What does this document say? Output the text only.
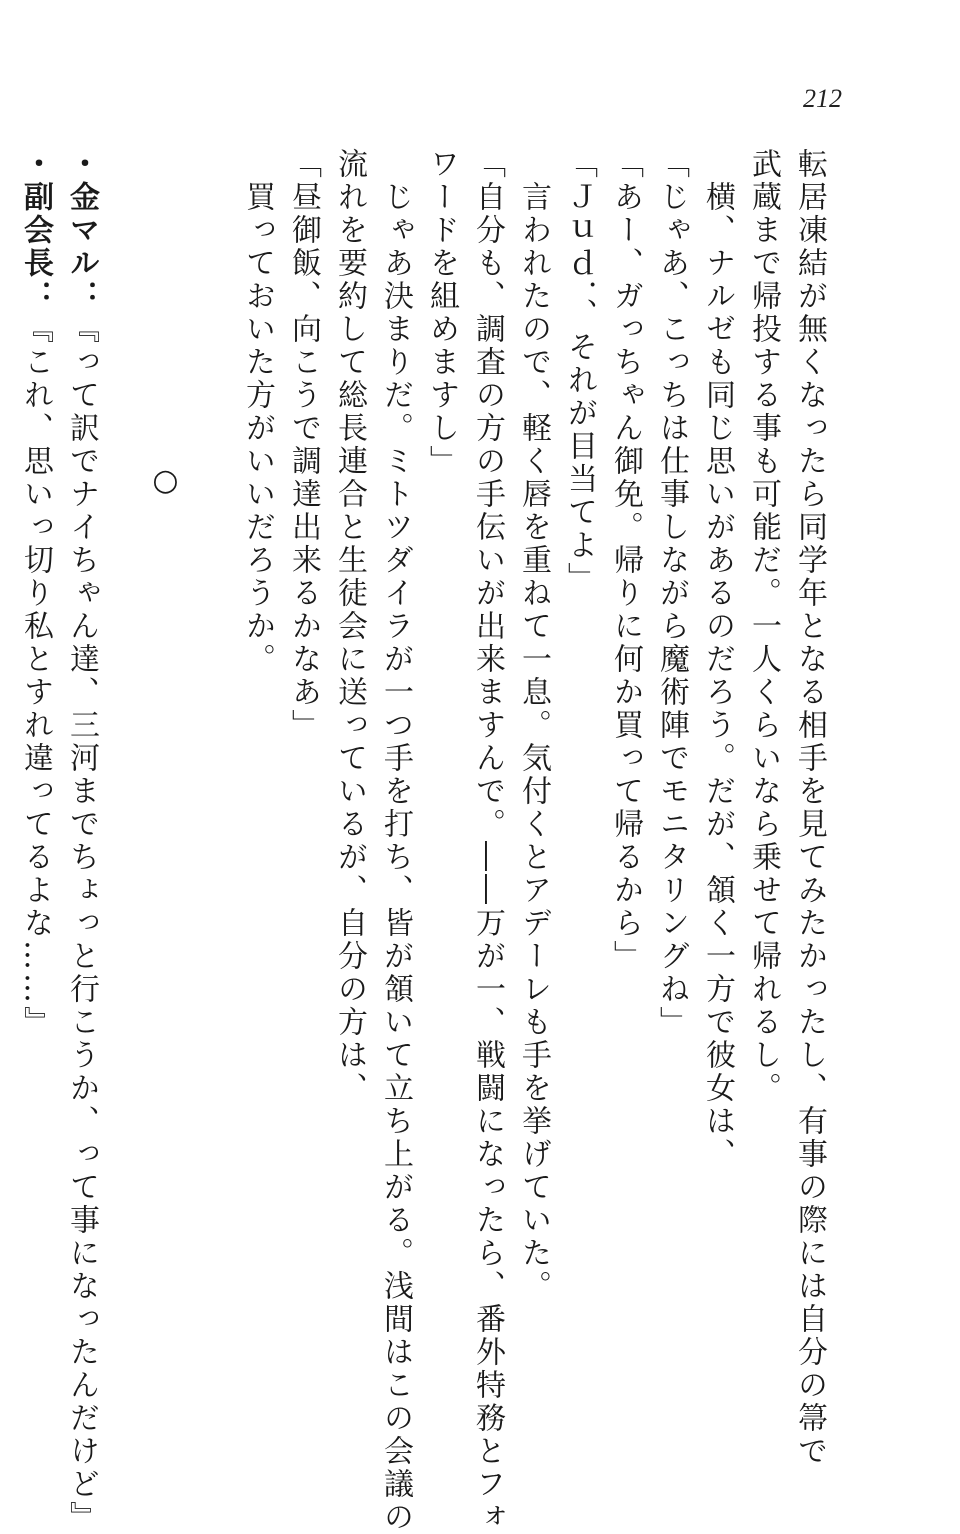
212
転居凍結が無くなったら同学年となる相手を見てみたかったし、有事の際には自分の箒で
武蔵まで帰投する事も可能だ。一人くらいなら乗せて帰れるし。
　横、ナルゼも同じ思いがあるのだろう。だが、頷く一方で彼女は、
「じゃあ、こっちは仕事しながら魔術陣でモニタリングね」
「あー、ガっちゃん御免。帰りに何か買って帰るから」
「Ｊｕｄ．、それが目当てよ」
　言われたので、軽く唇を重ねて一息。気付くとアデーレも手を挙げていた。
「自分も、調査の方の手伝いが出来ますんで。――万が一、戦闘になったら、番外特務とフォ
ワードを組めますし」
　じゃあ決まりだ。ミトツダイラが一つ手を打ち、皆が頷いて立ち上がる。浅間はこの会議の
流れを要約して総長連合と生徒会に送っているが、自分の方は、
「昼御飯、向こうで調達出来るかなあ」
　買っておいた方がいいだろうか。

○

・金マル：『って訳でナイちゃん達、三河までちょっと行こうか、って事になったんだけど』
・副会長：『これ、思いっ切り私とすれ違ってるよな……』
